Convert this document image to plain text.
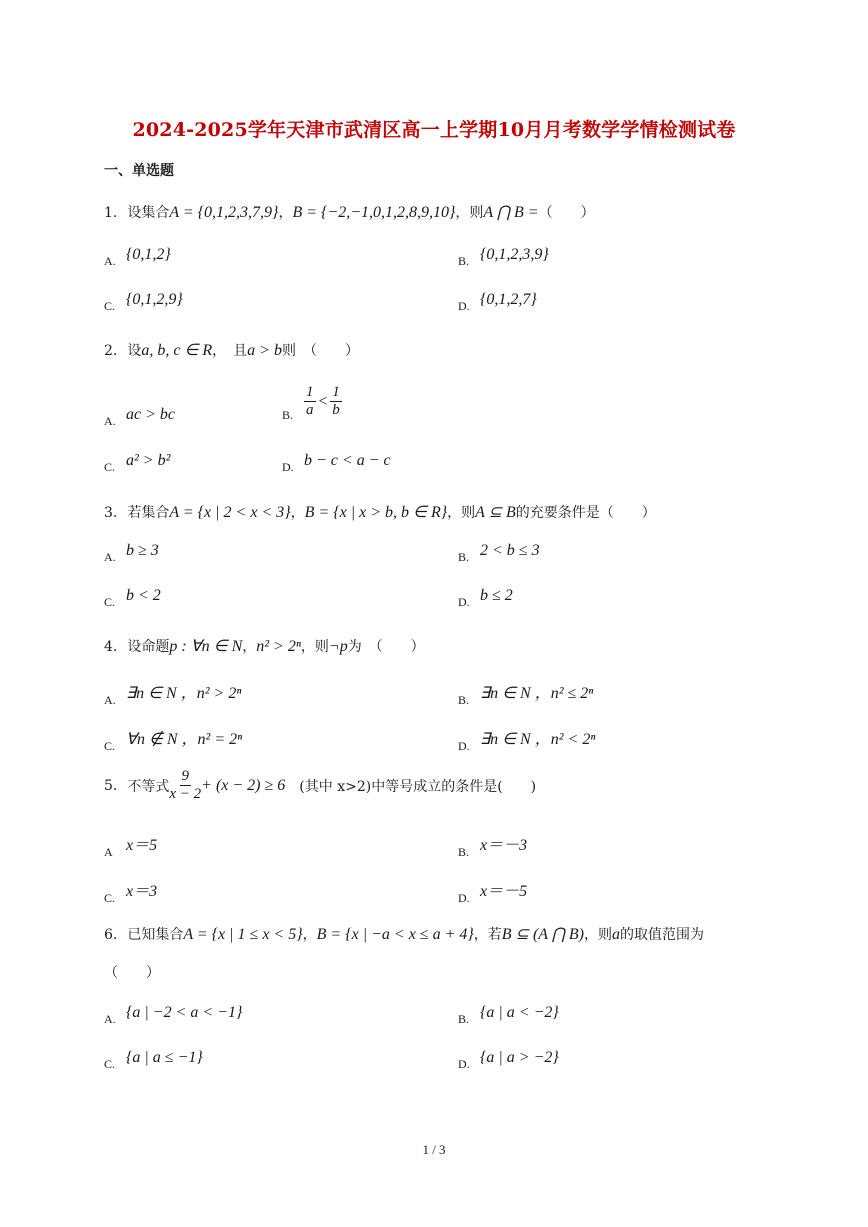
2024-2025学年天津市武清区高一上学期10月月考数学学情检测试卷
一、单选题
1. 设集合A = {0,1,2,3,7,9}，B = {−2,−1,0,1,2,8,9,10}，则A ⋂ B =（　　）
A. {0,1,2}	B. {0,1,2,3,9}
C. {0,1,2,9}	D. {0,1,2,7}
2. 设a, b, c ∈ R，　且a > b则　（　　）
A. ac > bc	B. $\frac{1}{a} < \frac{1}{b}$
C. a² > b²	D. b − c < a − c
3. 若集合A = {x | 2 < x < 3}，B = {x | x > b, b ∈ R}，则A ⊆ B的充要条件是（　　）
A. b ≥ 3	B. 2 < b ≤ 3
C. b < 2	D. b ≤ 2
4. 设命题p : ∀n ∈ N，n² > 2ⁿ，则¬p为　（　　）
A. ∃n ∈ N ，n² > 2ⁿ	B. ∃n ∈ N ，n² ≤ 2ⁿ
C. ∀n ∉ N ，n² = 2ⁿ	D. ∃n ∈ N ，n² < 2ⁿ
5. 不等式 $\frac{9}{x - 2} + (x - 2) \ge 6$ (其中 x>2)中等号成立的条件是(　　)
A x＝5	B. x＝－3
C. x＝3	D. x＝－5
6. 已知集合A = {x | 1 ≤ x < 5}，B = {x | −a < x ≤ a + 4}，若B ⊆ (A ⋂ B)，则a的取值范围为
（　　）
A. {a | −2 < a < −1}	B. {a | a < −2}
C. {a | a ≤ −1}	D. {a | a > −2}
1 / 3
